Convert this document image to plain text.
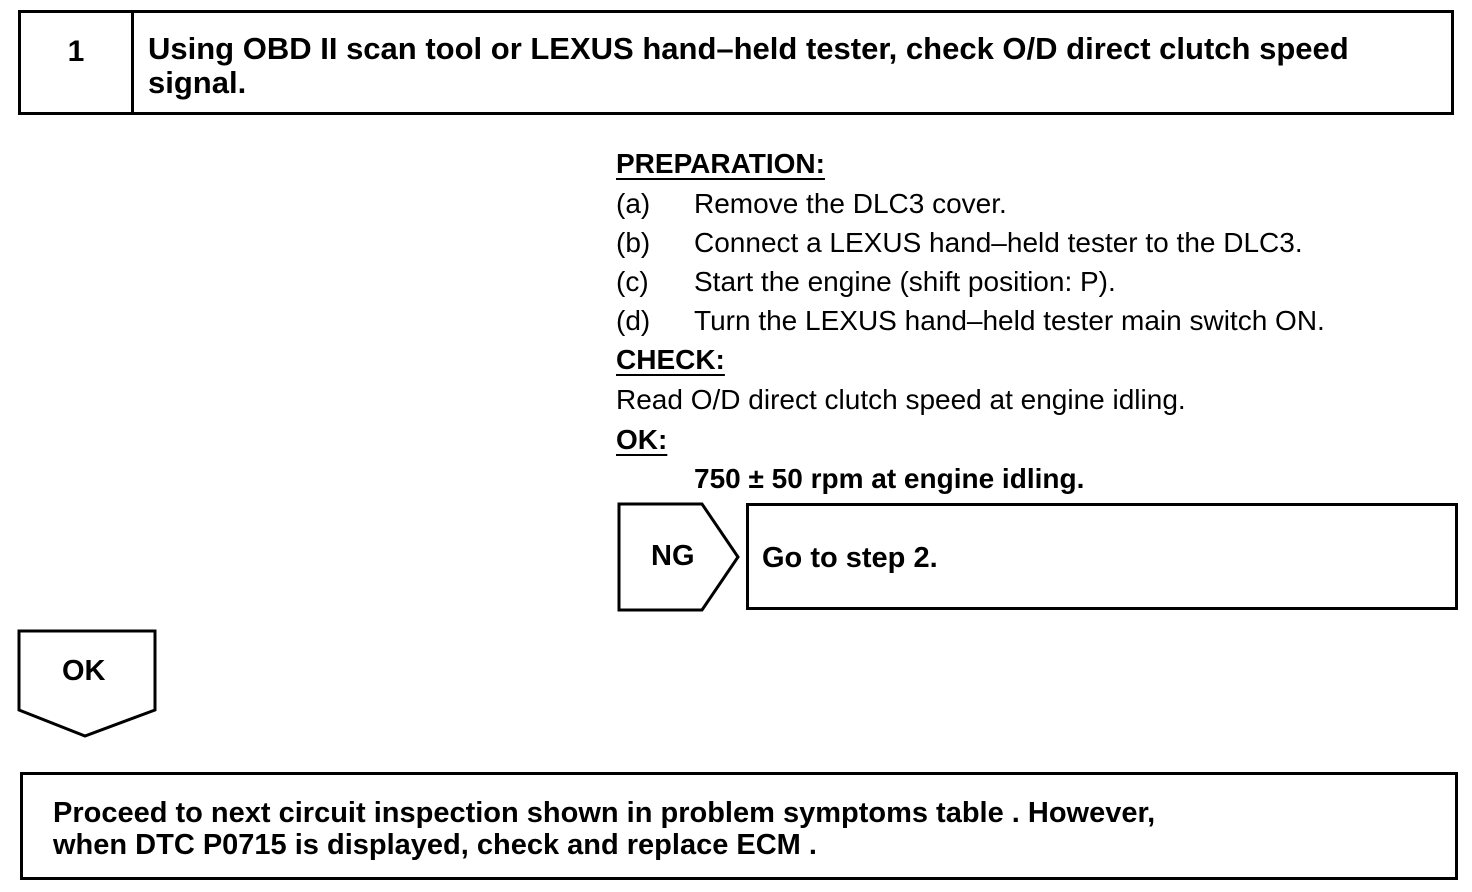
1	Using OBD II scan tool or LEXUS hand–held tester, check O/D direct clutch speed signal.
PREPARATION:
(a) Remove the DLC3 cover.
(b) Connect a LEXUS hand–held tester to the DLC3.
(c) Start the engine (shift position: P).
(d) Turn the LEXUS hand–held tester main switch ON.
CHECK:
Read O/D direct clutch speed at engine idling.
OK:
750 ± 50 rpm at engine idling.
NG Go to step 2.
OK
Proceed to next circuit inspection shown in problem symptoms table . However,
when DTC P0715 is displayed, check and replace ECM .
